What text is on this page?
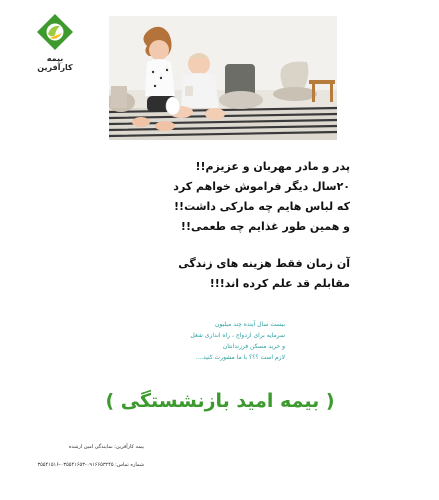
بیمه کارآفرین
پدر و مادر مهربان و عزیزم!!
۲۰سال دیگر فراموش خواهم کرد
که لباس هایم چه مارکی داشت!!
و همین طور غذایم چه طعمی!!
آن زمان فقط هزینه های زندگی
مقابلم قد علم کرده اند!!!
بیست سال آینده چند میلیون
سرمایه برای ازدواج ، راه اندازی شغل
و خرید مسکن فرزندانتان
لازم است ؟؟؟ با ما مشورت کنید....
( بیمه امید بازنشستگی )
بیمه کارآفرین: نمایندگی امین ارشده
شماره تماس: ۰۹۱۶۶۵۳۲۴۵-۰۳۵۵۴۱۶۵۳-۳۵۵۴۱۵۱۶
